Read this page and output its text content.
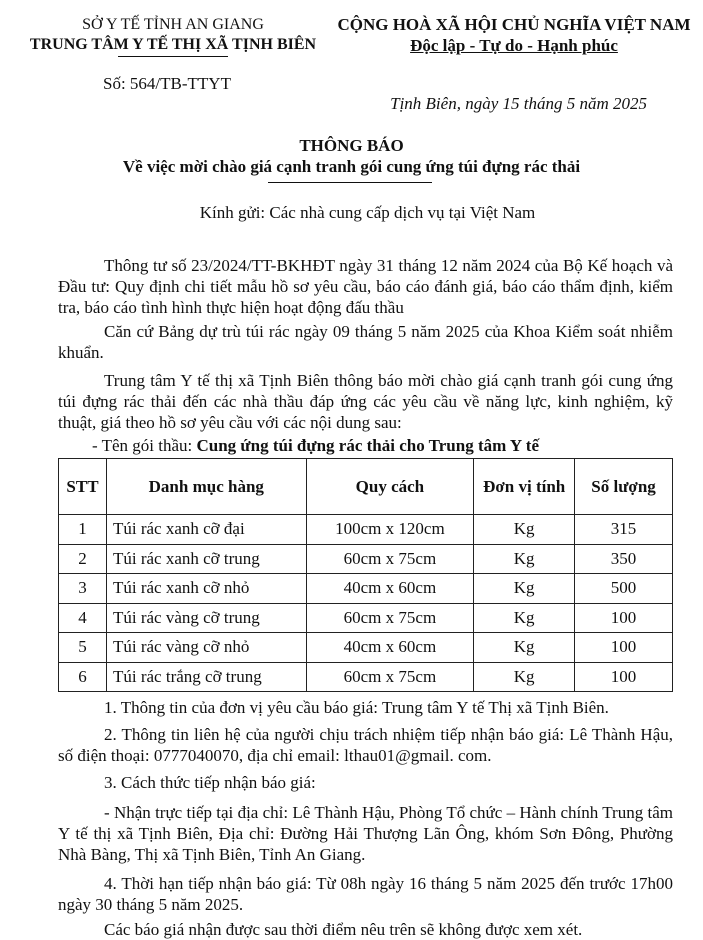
SỞ Y TẾ TỈNH AN GIANG
TRUNG TÂM Y TẾ THỊ XÃ TỊNH BIÊN
CỘNG HOÀ XÃ HỘI CHỦ NGHĨA VIỆT NAM
Độc lập - Tự do - Hạnh phúc
Số: 564/TB-TTYT
Tịnh Biên, ngày 15 tháng 5 năm 2025
THÔNG BÁO
Về việc mời chào giá cạnh tranh gói cung ứng túi đựng rác thải
Kính gửi: Các nhà cung cấp dịch vụ tại Việt Nam
Thông tư số 23/2024/TT-BKHĐT ngày 31 tháng 12 năm 2024 của Bộ Kế hoạch và Đầu tư: Quy định chi tiết mẫu hồ sơ yêu cầu, báo cáo đánh giá, báo cáo thẩm định, kiểm tra, báo cáo tình hình thực hiện hoạt động đấu thầu
Căn cứ Bảng dự trù túi rác ngày 09 tháng 5 năm 2025 của Khoa Kiểm soát nhiễm khuẩn.
Trung tâm Y tế thị xã Tịnh Biên thông báo mời chào giá cạnh tranh gói cung ứng túi đựng rác thải đến các nhà thầu đáp ứng các yêu cầu về năng lực, kinh nghiệm, kỹ thuật, giá theo hồ sơ yêu cầu với các nội dung sau:
- Tên gói thầu: Cung ứng túi đựng rác thải cho Trung tâm Y tế
STT	Danh mục hàng	Quy cách	Đơn vị tính	Số lượng
1	Túi rác xanh cỡ đại	100cm x 120cm	Kg	315
2	Túi rác xanh cỡ trung	60cm x 75cm	Kg	350
3	Túi rác xanh cỡ nhỏ	40cm x 60cm	Kg	500
4	Túi rác vàng cỡ trung	60cm x 75cm	Kg	100
5	Túi rác vàng cỡ nhỏ	40cm x 60cm	Kg	100
6	Túi rác trắng cỡ trung	60cm x 75cm	Kg	100
1. Thông tin của đơn vị yêu cầu báo giá: Trung tâm Y tế Thị xã Tịnh Biên.
2. Thông tin liên hệ của người chịu trách nhiệm tiếp nhận báo giá: Lê Thành Hậu, số điện thoại: 0777040070, địa chỉ email: lthau01@gmail. com.
3. Cách thức tiếp nhận báo giá:
- Nhận trực tiếp tại địa chỉ: Lê Thành Hậu, Phòng Tổ chức – Hành chính Trung tâm Y tế thị xã Tịnh Biên, Địa chỉ: Đường Hải Thượng Lãn Ông, khóm Sơn Đông, Phường Nhà Bàng, Thị xã Tịnh Biên, Tỉnh An Giang.
4. Thời hạn tiếp nhận báo giá: Từ 08h ngày 16 tháng 5 năm 2025 đến trước 17h00 ngày 30 tháng 5 năm 2025.
Các báo giá nhận được sau thời điểm nêu trên sẽ không được xem xét.
